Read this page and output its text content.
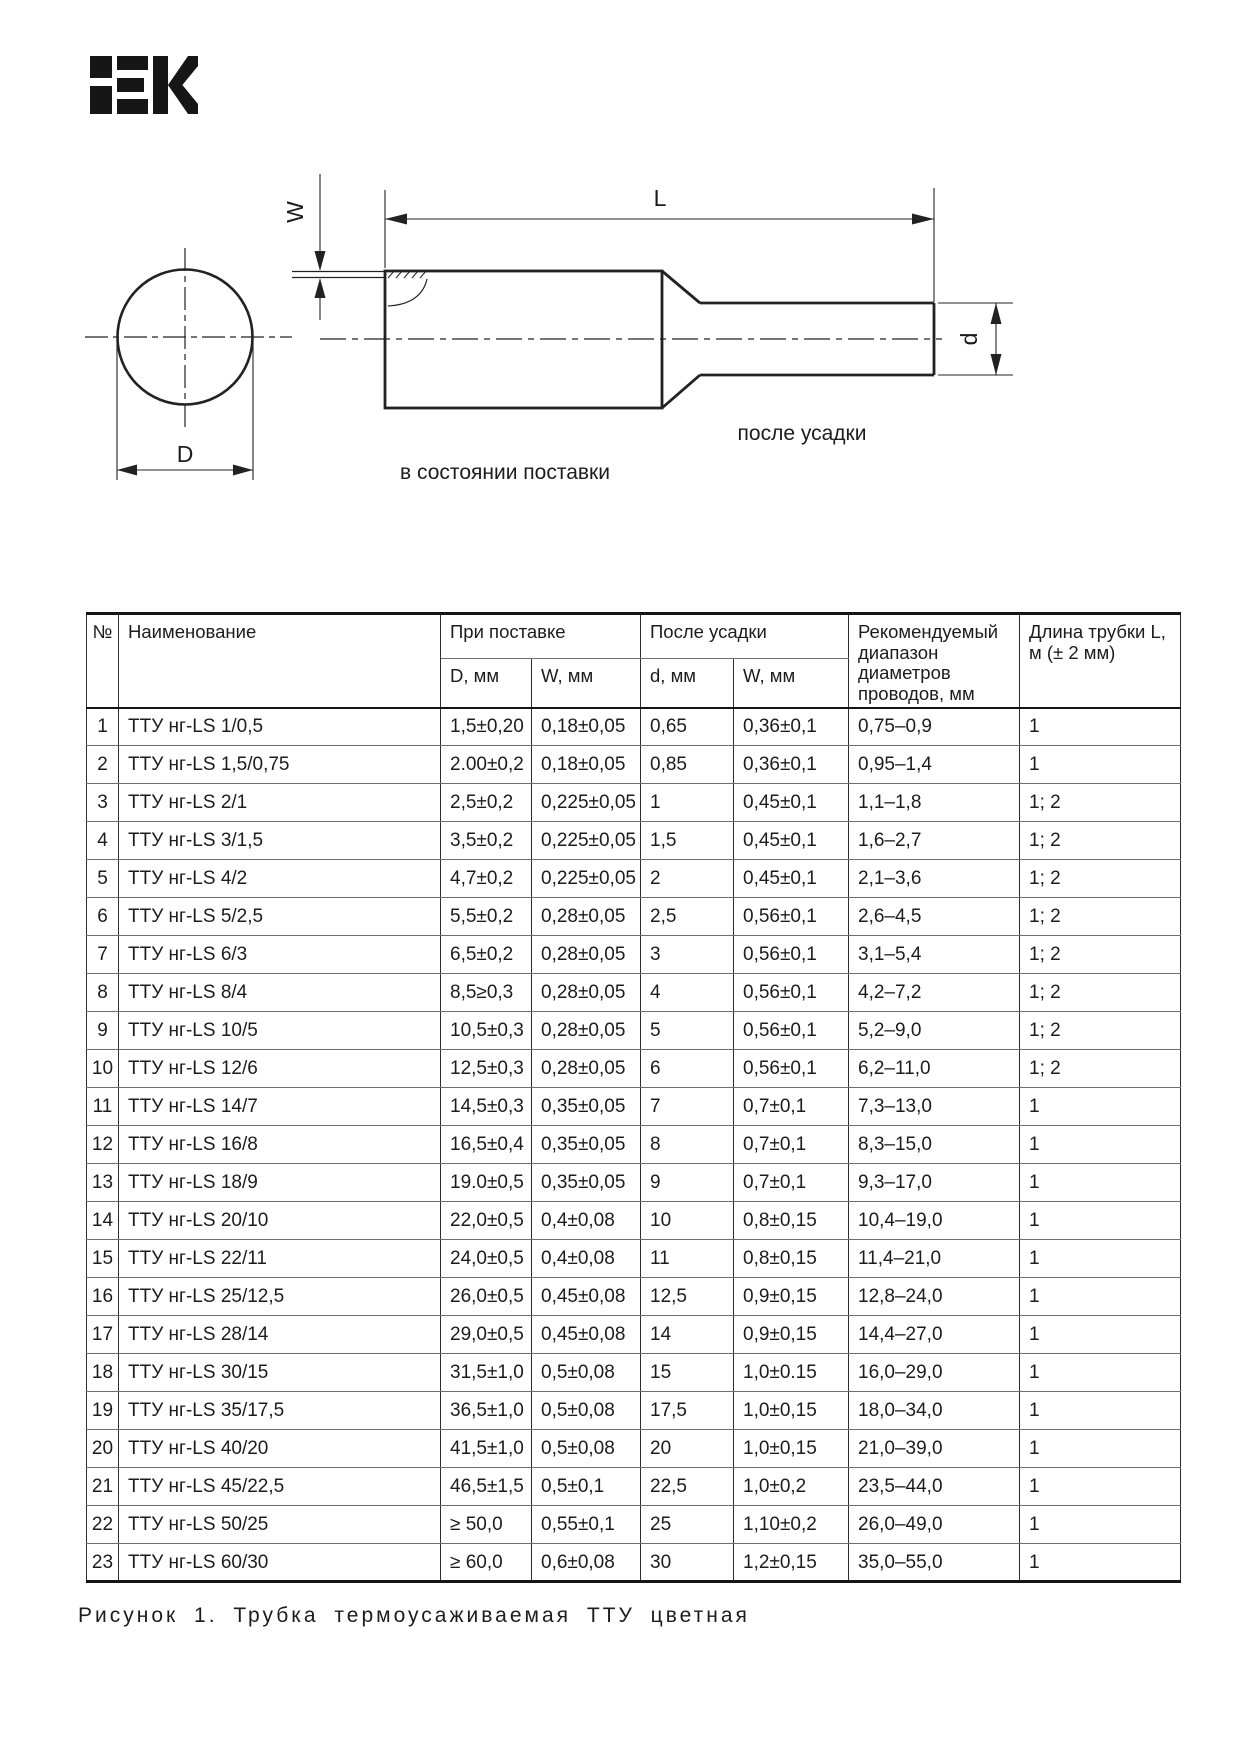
W
L
D
d
в состоянии поставки
после усадки
№	Наименование	При поставке		После усадки		Рекомендуемый диапазон диаметров проводов, мм	Длина трубки L, м (± 2 мм)
		D, мм	W, мм	d, мм	W, мм		
1	ТТУ нг-LS 1/0,5	1,5±0,20	0,18±0,05	0,65	0,36±0,1	0,75–0,9	1
2	ТТУ нг-LS 1,5/0,75	2.00±0,2	0,18±0,05	0,85	0,36±0,1	0,95–1,4	1
3	ТТУ нг-LS 2/1	2,5±0,2	0,225±0,05	1	0,45±0,1	1,1–1,8	1; 2
4	ТТУ нг-LS 3/1,5	3,5±0,2	0,225±0,05	1,5	0,45±0,1	1,6–2,7	1; 2
5	ТТУ нг-LS 4/2	4,7±0,2	0,225±0,05	2	0,45±0,1	2,1–3,6	1; 2
6	ТТУ нг-LS 5/2,5	5,5±0,2	0,28±0,05	2,5	0,56±0,1	2,6–4,5	1; 2
7	ТТУ нг-LS 6/3	6,5±0,2	0,28±0,05	3	0,56±0,1	3,1–5,4	1; 2
8	ТТУ нг-LS 8/4	8,5≥0,3	0,28±0,05	4	0,56±0,1	4,2–7,2	1; 2
9	ТТУ нг-LS 10/5	10,5±0,3	0,28±0,05	5	0,56±0,1	5,2–9,0	1; 2
10	ТТУ нг-LS 12/6	12,5±0,3	0,28±0,05	6	0,56±0,1	6,2–11,0	1; 2
11	ТТУ нг-LS 14/7	14,5±0,3	0,35±0,05	7	0,7±0,1	7,3–13,0	1
12	ТТУ нг-LS 16/8	16,5±0,4	0,35±0,05	8	0,7±0,1	8,3–15,0	1
13	ТТУ нг-LS 18/9	19.0±0,5	0,35±0,05	9	0,7±0,1	9,3–17,0	1
14	ТТУ нг-LS 20/10	22,0±0,5	0,4±0,08	10	0,8±0,15	10,4–19,0	1
15	ТТУ нг-LS 22/11	24,0±0,5	0,4±0,08	11	0,8±0,15	11,4–21,0	1
16	ТТУ нг-LS 25/12,5	26,0±0,5	0,45±0,08	12,5	0,9±0,15	12,8–24,0	1
17	ТТУ нг-LS 28/14	29,0±0,5	0,45±0,08	14	0,9±0,15	14,4–27,0	1
18	ТТУ нг-LS 30/15	31,5±1,0	0,5±0,08	15	1,0±0.15	16,0–29,0	1
19	ТТУ нг-LS 35/17,5	36,5±1,0	0,5±0,08	17,5	1,0±0,15	18,0–34,0	1
20	ТТУ нг-LS 40/20	41,5±1,0	0,5±0,08	20	1,0±0,15	21,0–39,0	1
21	ТТУ нг-LS 45/22,5	46,5±1,5	0,5±0,1	22,5	1,0±0,2	23,5–44,0	1
22	ТТУ нг-LS 50/25	≥ 50,0	0,55±0,1	25	1,10±0,2	26,0–49,0	1
23	ТТУ нг-LS 60/30	≥ 60,0	0,6±0,08	30	1,2±0,15	35,0–55,0	1
Рисунок 1. Трубка термоусаживаемая ТТУ цветная
